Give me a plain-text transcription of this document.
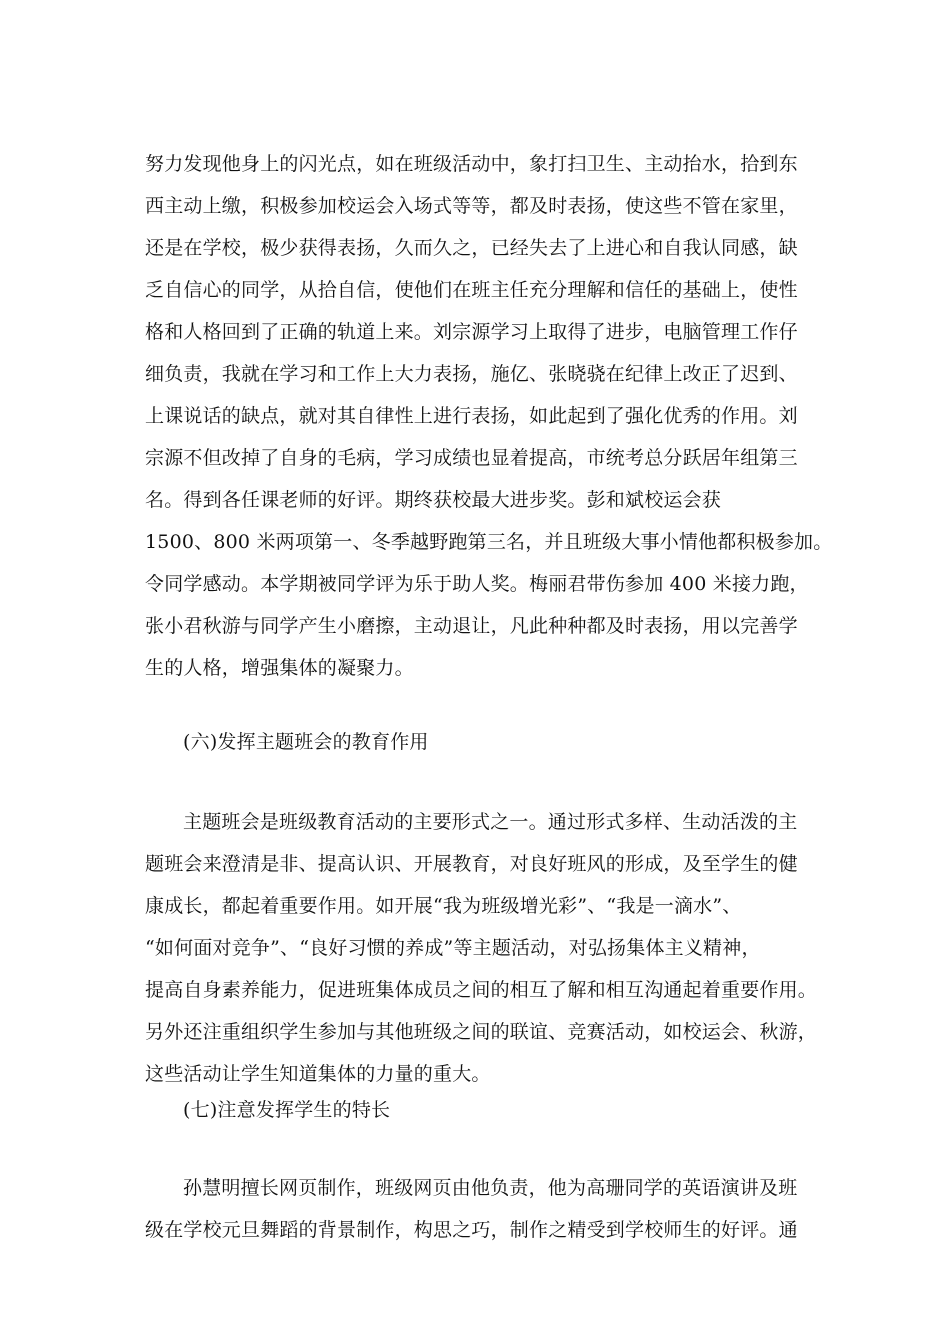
努力发现他身上的闪光点，如在班级活动中，象打扫卫生、主动抬水，拾到东
西主动上缴，积极参加校运会入场式等等，都及时表扬，使这些不管在家里，
还是在学校，极少获得表扬，久而久之，已经失去了上进心和自我认同感，缺
乏自信心的同学，从拾自信，使他们在班主任充分理解和信任的基础上，使性
格和人格回到了正确的轨道上来。刘宗源学习上取得了进步，电脑管理工作仔
细负责，我就在学习和工作上大力表扬，施亿、张晓骁在纪律上改正了迟到、
上课说话的缺点，就对其自律性上进行表扬，如此起到了强化优秀的作用。刘
宗源不但改掉了自身的毛病，学习成绩也显着提高，市统考总分跃居年组第三
名。得到各任课老师的好评。期终获校最大进步奖。彭和斌校运会获
1500、800 米两项第一、冬季越野跑第三名，并且班级大事小情他都积极参加。
令同学感动。本学期被同学评为乐于助人奖。梅丽君带伤参加 400 米接力跑，
张小君秋游与同学产生小磨擦，主动退让，凡此种种都及时表扬，用以完善学
生的人格，增强集体的凝聚力。
(六)发挥主题班会的教育作用
主题班会是班级教育活动的主要形式之一。通过形式多样、生动活泼的主
题班会来澄清是非、提高认识、开展教育，对良好班风的形成，及至学生的健
康成长，都起着重要作用。如开展“我为班级增光彩”、“我是一滴水”、
“如何面对竞争”、“良好习惯的养成”等主题活动，对弘扬集体主义精神，
提高自身素养能力，促进班集体成员之间的相互了解和相互沟通起着重要作用。
另外还注重组织学生参加与其他班级之间的联谊、竞赛活动，如校运会、秋游，
这些活动让学生知道集体的力量的重大。
(七)注意发挥学生的特长
孙慧明擅长网页制作，班级网页由他负责，他为高珊同学的英语演讲及班
级在学校元旦舞蹈的背景制作，构思之巧，制作之精受到学校师生的好评。通
